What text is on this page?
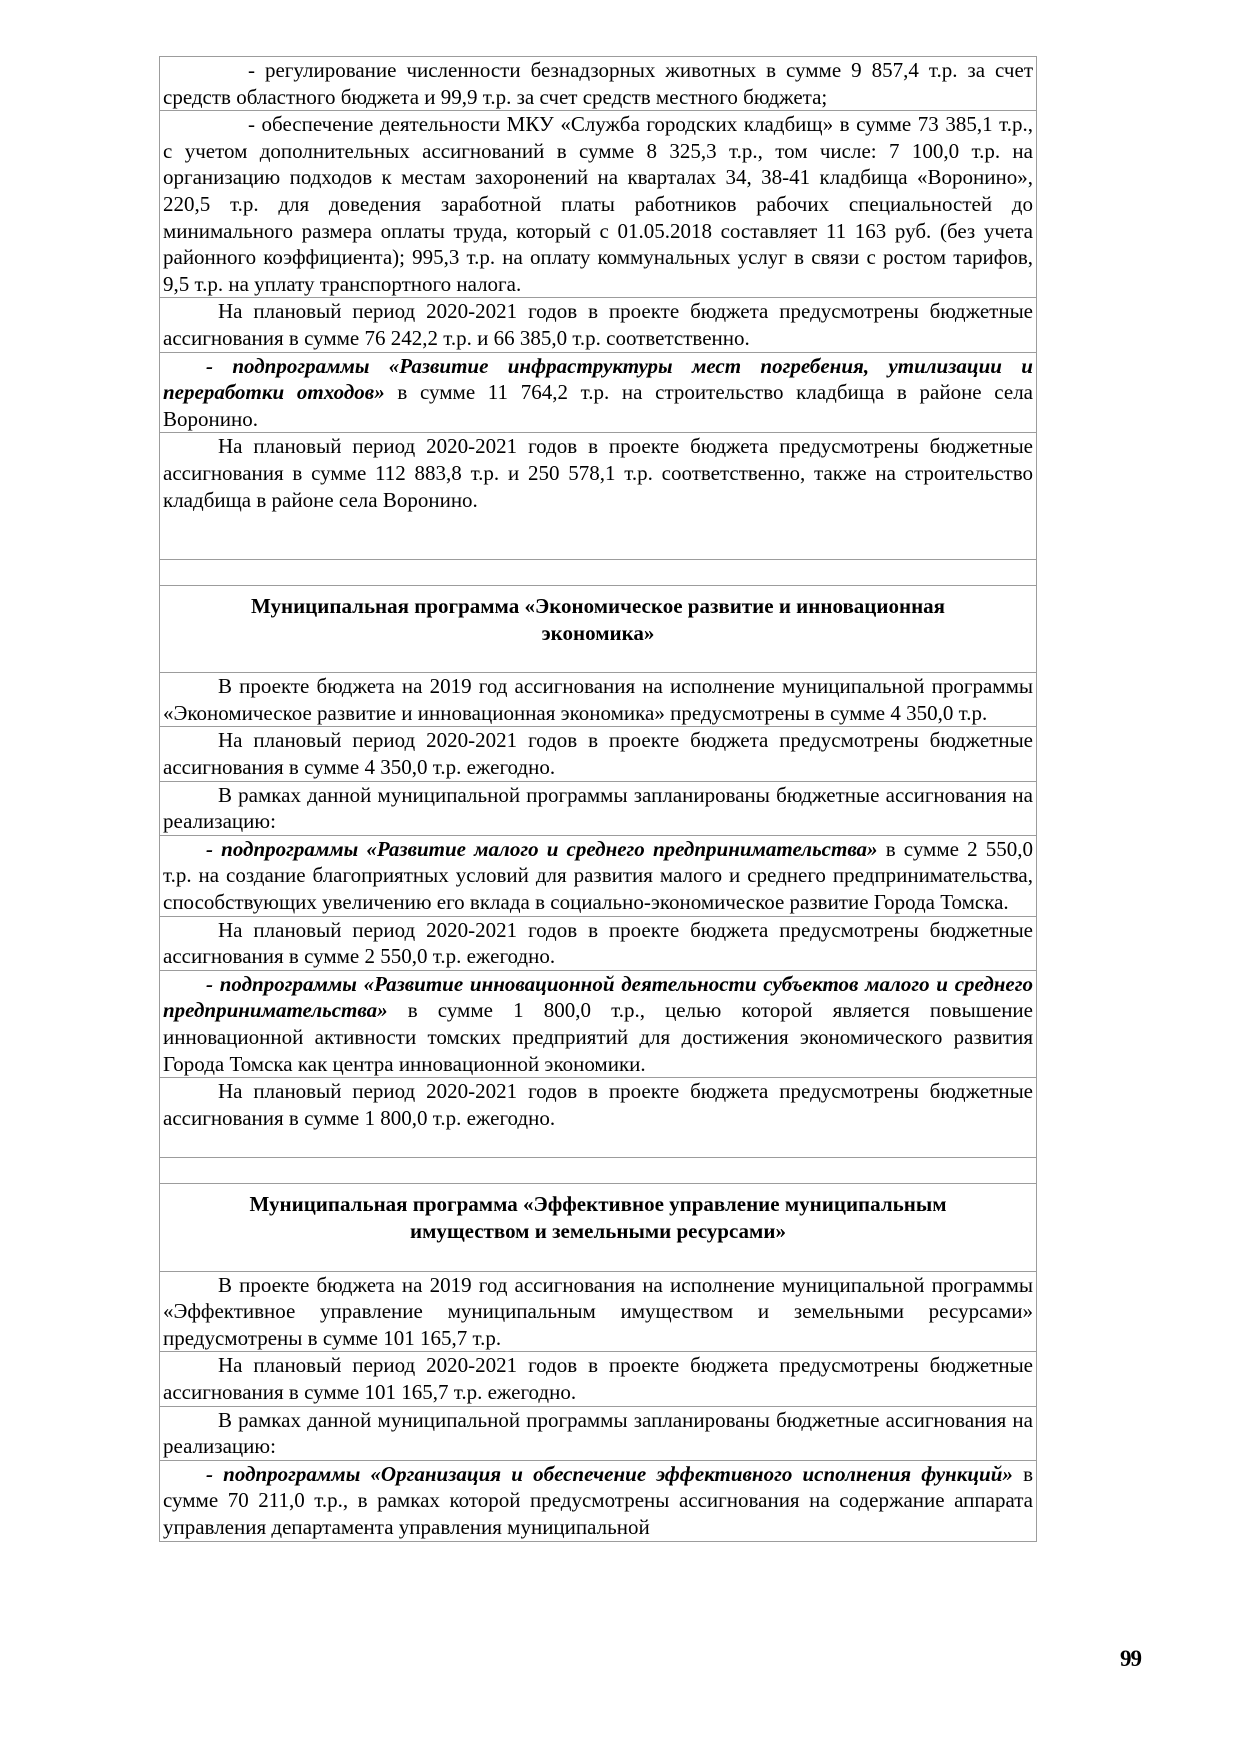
- регулирование численности безнадзорных животных в сумме 9 857,4 т.р. за счет средств областного бюджета и 99,9 т.р. за счет средств местного бюджета;
- обеспечение деятельности МКУ «Служба городских кладбищ» в сумме 73 385,1 т.р., с учетом дополнительных ассигнований в сумме 8 325,3 т.р., том числе: 7 100,0 т.р. на организацию подходов к местам захоронений на кварталах 34, 38-41 кладбища «Воронино», 220,5 т.р. для доведения заработной платы работников рабочих специальностей до минимального размера оплаты труда, который с 01.05.2018 составляет 11 163 руб. (без учета районного коэффициента); 995,3 т.р. на оплату коммунальных услуг в связи с ростом тарифов, 9,5 т.р. на уплату транспортного налога.
На плановый период 2020-2021 годов в проекте бюджета предусмотрены бюджетные ассигнования в сумме 76 242,2 т.р. и 66 385,0 т.р. соответственно.
- подпрограммы «Развитие инфраструктуры мест погребения, утилизации и переработки отходов» в сумме 11 764,2 т.р. на строительство кладбища в районе села Воронино.
На плановый период 2020-2021 годов в проекте бюджета предусмотрены бюджетные ассигнования в сумме 112 883,8 т.р. и 250 578,1 т.р. соответственно, также на строительство кладбища в районе села Воронино.
Муниципальная программа «Экономическое развитие и инновационная экономика»
В проекте бюджета на 2019 год ассигнования на исполнение муниципальной программы «Экономическое развитие и инновационная экономика» предусмотрены в сумме 4 350,0 т.р.
На плановый период 2020-2021 годов в проекте бюджета предусмотрены бюджетные ассигнования в сумме 4 350,0 т.р. ежегодно.
В рамках данной муниципальной программы запланированы бюджетные ассигнования на реализацию:
- подпрограммы «Развитие малого и среднего предпринимательства» в сумме 2 550,0 т.р. на создание благоприятных условий для развития малого и среднего предпринимательства, способствующих увеличению его вклада в социально-экономическое развитие Города Томска.
На плановый период 2020-2021 годов в проекте бюджета предусмотрены бюджетные ассигнования в сумме 2 550,0 т.р. ежегодно.
- подпрограммы «Развитие инновационной деятельности субъектов малого и среднего предпринимательства» в сумме 1 800,0 т.р., целью которой является повышение инновационной активности томских предприятий для достижения экономического развития Города Томска как центра инновационной экономики.
На плановый период 2020-2021 годов в проекте бюджета предусмотрены бюджетные ассигнования в сумме 1 800,0 т.р. ежегодно.
Муниципальная программа «Эффективное управление муниципальным имуществом и земельными ресурсами»
В проекте бюджета на 2019 год ассигнования на исполнение муниципальной программы «Эффективное управление муниципальным имуществом и земельными ресурсами» предусмотрены в сумме 101 165,7 т.р.
На плановый период 2020-2021 годов в проекте бюджета предусмотрены бюджетные ассигнования в сумме 101 165,7 т.р. ежегодно.
В рамках данной муниципальной программы запланированы бюджетные ассигнования на реализацию:
- подпрограммы «Организация и обеспечение эффективного исполнения функций» в сумме 70 211,0 т.р., в рамках которой предусмотрены ассигнования на содержание аппарата управления департамента управления муниципальной
99
